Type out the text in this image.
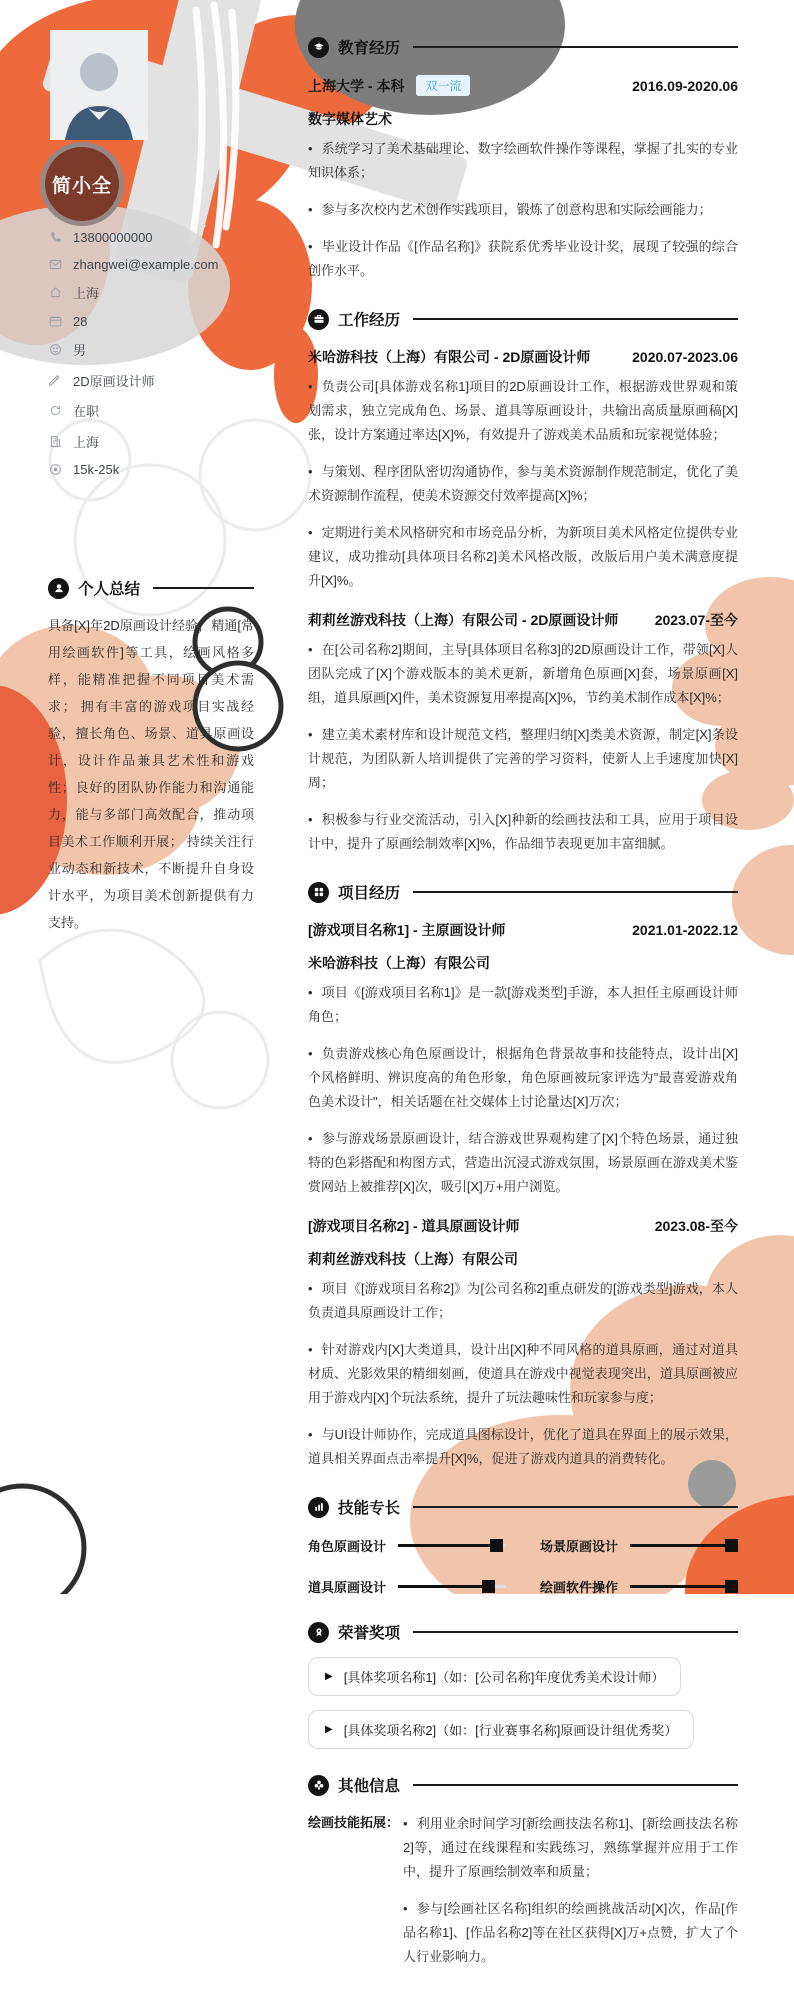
简小全
13800000000
zhangwei@example.com
上海
28
男
2D原画设计师
在职
上海
15k-25k
个人总结
具备[X]年2D原画设计经验，精通[常用绘画软件]等工具，绘画风格多样，能精准把握不同项目美术需求； 拥有丰富的游戏项目实战经验，擅长角色、场景、道具原画设计，设计作品兼具艺术性和游戏性；良好的团队协作能力和沟通能力，能与多部门高效配合，推动项目美术工作顺利开展； 持续关注行业动态和新技术，不断提升自身设计水平，为项目美术创新提供有力支持。
教育经历
上海大学 - 本科	双一流	2016.09-2020.06
数字媒体艺术

• 系统学习了美术基础理论、数字绘画软件操作等课程，掌握了扎实的专业知识体系；

• 参与多次校内艺术创作实践项目，锻炼了创意构思和实际绘画能力；

• 毕业设计作品《[作品名称]》获院系优秀毕业设计奖，展现了较强的综合创作水平。

工作经历
米哈游科技（上海）有限公司 - 2D原画设计师	2020.07-2023.06

• 负责公司[具体游戏名称1]项目的2D原画设计工作，根据游戏世界观和策划需求，独立完成角色、场景、道具等原画设计，共输出高质量原画稿[X]张，设计方案通过率达[X]%，有效提升了游戏美术品质和玩家视觉体验；

• 与策划、程序团队密切沟通协作，参与美术资源制作规范制定，优化了美术资源制作流程，使美术资源交付效率提高[X]%；

• 定期进行美术风格研究和市场竞品分析，为新项目美术风格定位提供专业建议，成功推动[具体项目名称2]美术风格改版，改版后用户美术满意度提升[X]%。

莉莉丝游戏科技（上海）有限公司 - 2D原画设计师	2023.07-至今

• 在[公司名称2]期间，主导[具体项目名称3]的2D原画设计工作，带领[X]人团队完成了[X]个游戏版本的美术更新，新增角色原画[X]套，场景原画[X]组，道具原画[X]件，美术资源复用率提高[X]%，节约美术制作成本[X]%；

• 建立美术素材库和设计规范文档，整理归纳[X]类美术资源，制定[X]条设计规范，为团队新人培训提供了完善的学习资料，使新人上手速度加快[X]周；

• 积极参与行业交流活动，引入[X]种新的绘画技法和工具，应用于项目设计中，提升了原画绘制效率[X]%，作品细节表现更加丰富细腻。

项目经历
[游戏项目名称1] - 主原画设计师	2021.01-2022.12
米哈游科技（上海）有限公司

• 项目《[游戏项目名称1]》是一款[游戏类型]手游，本人担任主原画设计师角色；

• 负责游戏核心角色原画设计，根据角色背景故事和技能特点，设计出[X]个风格鲜明、辨识度高的角色形象，角色原画被玩家评选为"最喜爱游戏角色美术设计"，相关话题在社交媒体上讨论量达[X]万次；

• 参与游戏场景原画设计，结合游戏世界观构建了[X]个特色场景，通过独特的色彩搭配和构图方式，营造出沉浸式游戏氛围，场景原画在游戏美术鉴赏网站上被推荐[X]次，吸引[X]万+用户浏览。

[游戏项目名称2] - 道具原画设计师	2023.08-至今
莉莉丝游戏科技（上海）有限公司

• 项目《[游戏项目名称2]》为[公司名称2]重点研发的[游戏类型]游戏，本人负责道具原画设计工作；

• 针对游戏内[X]大类道具，设计出[X]种不同风格的道具原画，通过对道具材质、光影效果的精细刻画，使道具在游戏中视觉表现突出，道具原画被应用于游戏内[X]个玩法系统，提升了玩法趣味性和玩家参与度；

• 与UI设计师协作，完成道具图标设计，优化了道具在界面上的展示效果，道具相关界面点击率提升[X]%，促进了游戏内道具的消费转化。

技能专长
角色原画设计	场景原画设计
道具原画设计	绘画软件操作
荣誉奖项
▶ [具体奖项名称1]（如：[公司名称]年度优秀美术设计师）
▶ [具体奖项名称2]（如：[行业赛事名称]原画设计组优秀奖）
其他信息
绘画技能拓展： • 利用业余时间学习[新绘画技法名称1]、[新绘画技法名称2]等，通过在线课程和实践练习，熟练掌握并应用于工作中，提升了原画绘制效率和质量；

• 参与[绘画社区名称]组织的绘画挑战活动[X]次，作品[作品名称1]、[作品名称2]等在社区获得[X]万+点赞，扩大了个人行业影响力。
